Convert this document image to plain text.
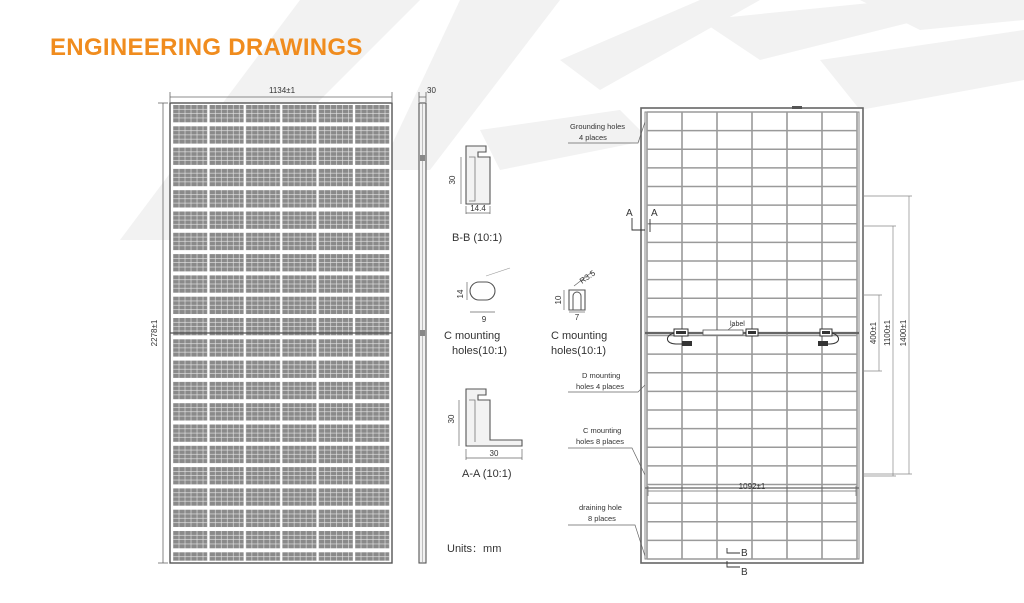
ENGINEERING DRAWINGS
1134±1
2278±1
30
30
14.4
B-B (10:1)
14
9
C mounting
holes(10:1)
R3.5
10
7
C mounting
holes(10:1)
30
30
A-A (10:1)
Units：mm
label
Grounding holes
4 places
D mounting
holes 4 places
C mounting
holes 8 places
draining hole
8 places
A A
B
B
400±1 1100±1 1400±1
1092±1
